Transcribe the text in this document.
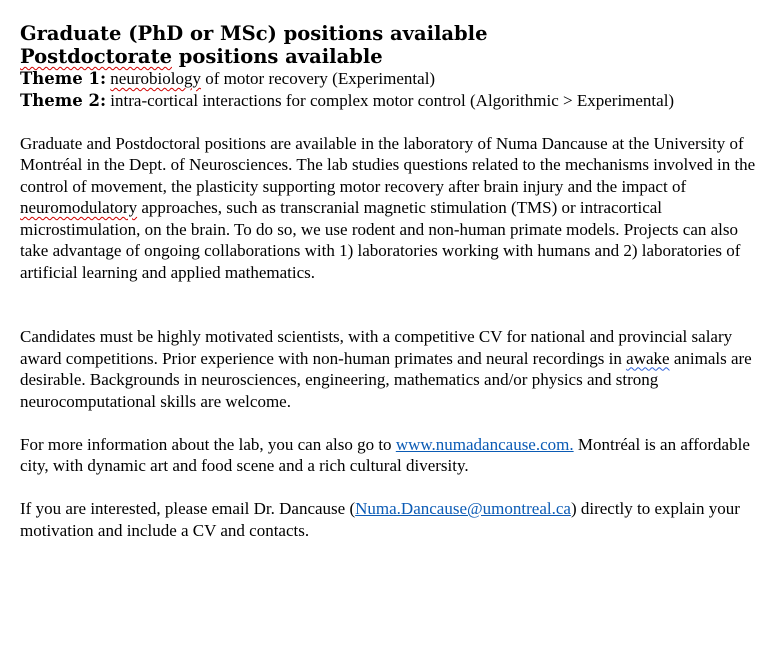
Graduate (PhD or MSc) positions available

Postdoctorate positions available

Theme 1: neurobiology of motor recovery (Experimental)

Theme 2: intra-cortical interactions for complex motor control (Algorithmic > Experimental)

Graduate and Postdoctoral positions are available in the laboratory of Numa Dancause at the University of Montréal in the Dept. of Neurosciences. The lab studies questions related to the mechanisms involved in the control of movement, the plasticity supporting motor recovery after brain injury and the impact of neuromodulatory approaches, such as transcranial magnetic stimulation (TMS) or intracortical microstimulation, on the brain. To do so, we use rodent and non-human primate models. Projects can also take advantage of ongoing collaborations with 1) laboratories working with humans and 2) laboratories of artificial learning and applied mathematics.

Candidates must be highly motivated scientists, with a competitive CV for national and provincial salary award competitions. Prior experience with non-human primates and neural recordings in awake animals are desirable. Backgrounds in neurosciences, engineering, mathematics and/or physics and strong neurocomputational skills are welcome.

For more information about the lab, you can also go to www.numadancause.com. Montréal is an affordable city, with dynamic art and food scene and a rich cultural diversity.

If you are interested, please email Dr. Dancause (Numa.Dancause@umontreal.ca) directly to explain your motivation and include a CV and contacts.
